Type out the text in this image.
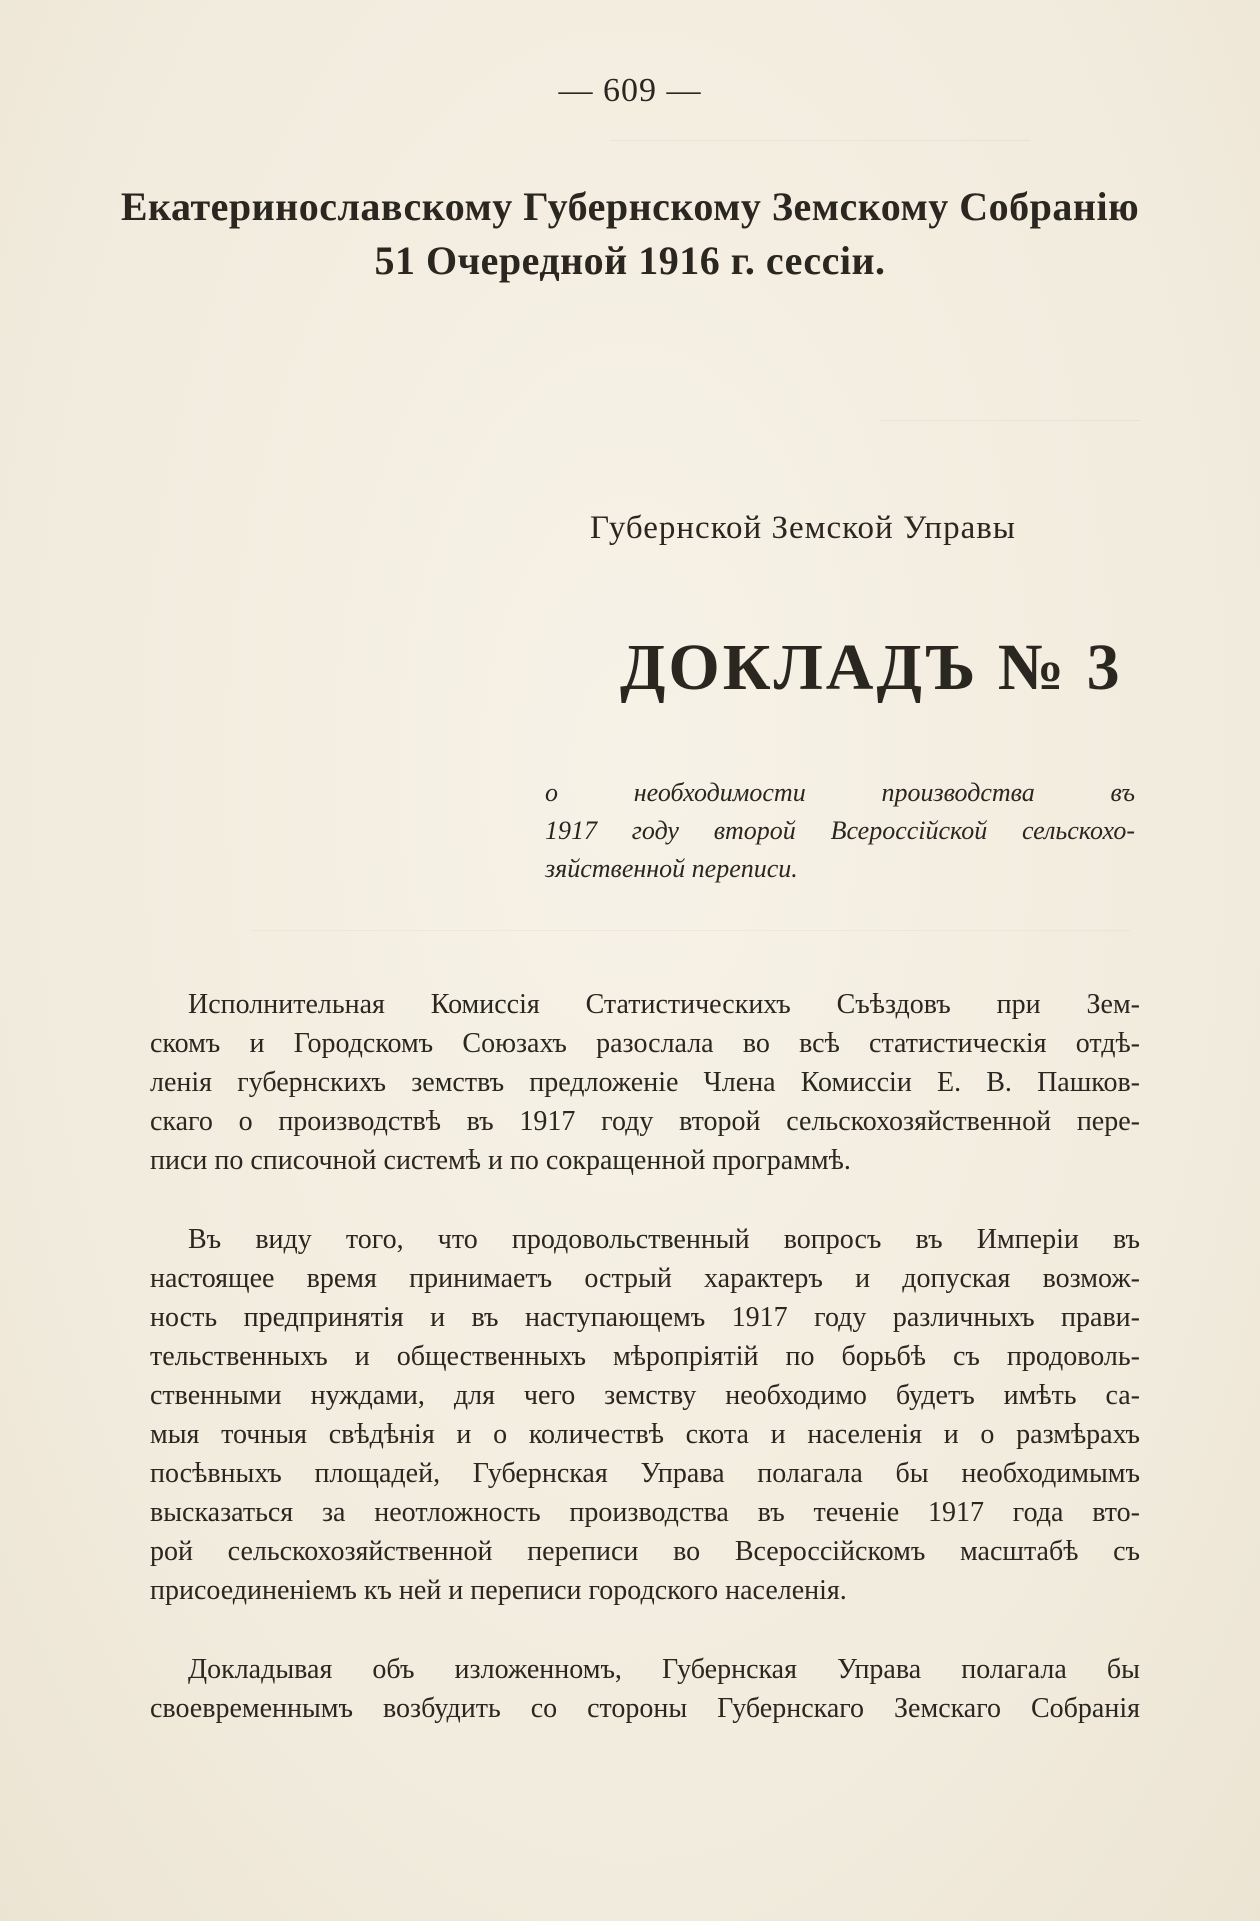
— 609 —
Екатеринославскому Губернскому Земскому Собранію
51 Очередной 1916 г. сессіи.
Губернской Земской Управы
ДОКЛАДЪ № 3
о необходимости производства въ
1917 году второй Всероссійской сельскохо-
зяйственной переписи.
Исполнительная Комиссія Статистическихъ Съѣздовъ при Зем-
скомъ и Городскомъ Союзахъ разослала во всѣ статистическія отдѣ-
ленія губернскихъ земствъ предложеніе Члена Комиссіи Е. В. Пашков-
скаго о производствѣ въ 1917 году второй сельскохозяйственной пере-
писи по списочной системѣ и по сокращенной программѣ.
Въ виду того, что продовольственный вопросъ въ Имперіи въ
настоящее время принимаетъ острый характеръ и допуская возмож-
ность предпринятія и въ наступающемъ 1917 году различныхъ прави-
тельственныхъ и общественныхъ мѣропріятій по борьбѣ съ продоволь-
ственными нуждами, для чего земству необходимо будетъ имѣть са-
мыя точныя свѣдѣнія и о количествѣ скота и населенія и о размѣрахъ
посѣвныхъ площадей, Губернская Управа полагала бы необходимымъ
высказаться за неотложность производства въ теченіе 1917 года вто-
рой сельскохозяйственной переписи во Всероссійскомъ масштабѣ съ
присоединеніемъ къ ней и переписи городского населенія.
Докладывая объ изложенномъ, Губернская Управа полагала бы
своевременнымъ возбудить со стороны Губернскаго Земскаго Собранія
